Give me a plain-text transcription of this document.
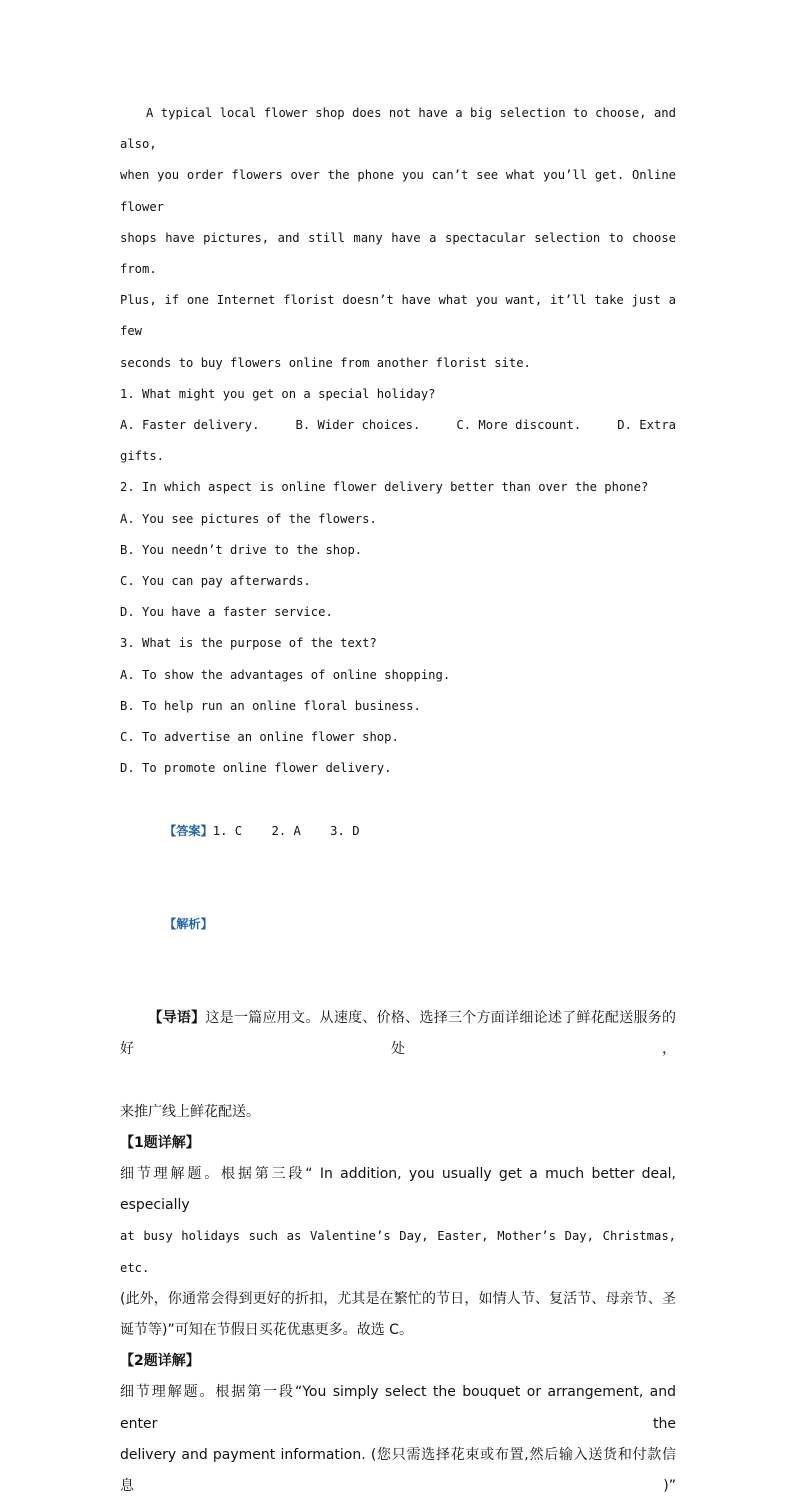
A typical local flower shop does not have a big selection to choose, and also,
when you order flowers over the phone you can’t see what you’ll get. Online flower
shops have pictures, and still many have a spectacular selection to choose from.
Plus, if one Internet florist doesn’t have what you want, it’ll take just a few
seconds to buy flowers online from another florist site.
1. What might you get on a special holiday?
A. Faster delivery.	B. Wider choices.	C. More discount.	D. Extra
gifts.
2. In which aspect is online flower delivery better than over the phone?
A. You see pictures of the flowers.
B. You needn’t drive to the shop.
C. You can pay afterwards.
D. You have a faster service.
3. What is the purpose of the text?
A. To show the advantages of online shopping.
B. To help run an online floral business.
C. To advertise an online flower shop.
D. To promote online flower delivery.

【答案】1. C    2. A    3. D

【解析】

【导语】这是一篇应用文。从速度、价格、选择三个方面详细论述了鲜花配送服务的好处，

来推广线上鲜花配送。
【1题详解】
细节理解题。根据第三段“ In addition, you usually get a much better deal, especially
at busy holidays such as Valentine’s Day, Easter, Mother’s Day, Christmas, etc.
(此外，你通常会得到更好的折扣，尤其是在繁忙的节日，如情人节、复活节、母亲节、圣
诞节等)”可知在节假日买花优惠更多。故选 C。
【2题详解】
细节理解题。根据第一段“You simply select the bouquet or arrangement, and enter the
delivery and payment information. (您只需选择花束或布置,然后输入送货和付款信息)”
